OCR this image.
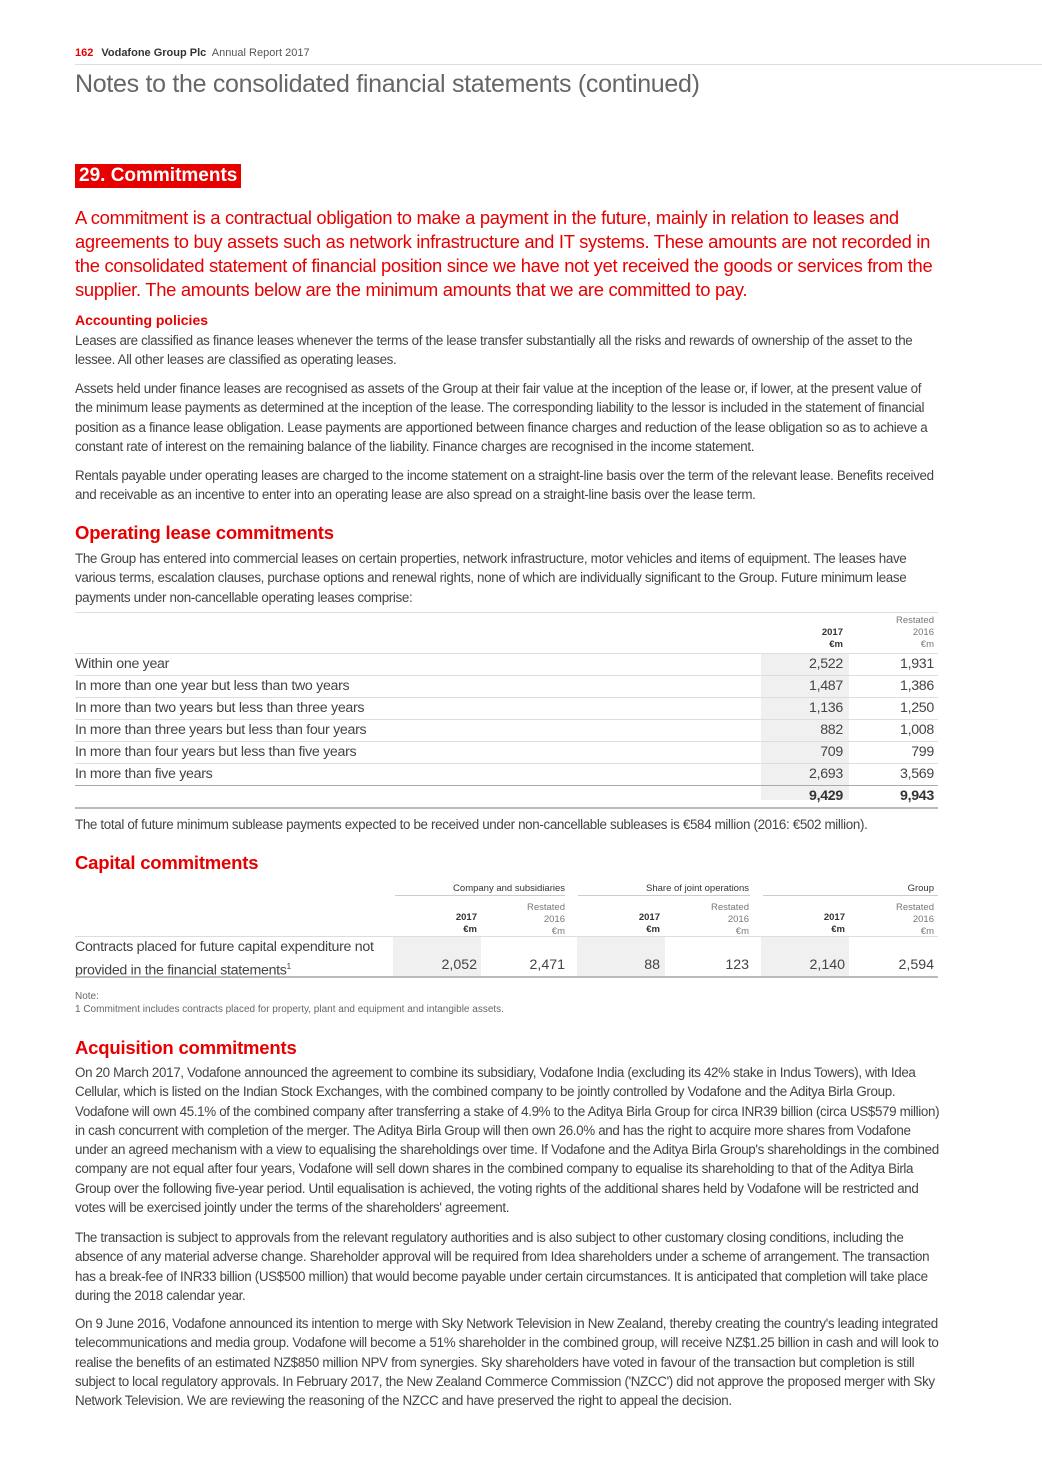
162 Vodafone Group Plc Annual Report 2017
Notes to the consolidated financial statements (continued)
29. Commitments

A commitment is a contractual obligation to make a payment in the future, mainly in relation to leases and agreements to buy assets such as network infrastructure and IT systems. These amounts are not recorded in the consolidated statement of financial position since we have not yet received the goods or services from the supplier. The amounts below are the minimum amounts that we are committed to pay.

Accounting policies

Leases are classified as finance leases whenever the terms of the lease transfer substantially all the risks and rewards of ownership of the asset to the lessee. All other leases are classified as operating leases.

Assets held under finance leases are recognised as assets of the Group at their fair value at the inception of the lease or, if lower, at the present value of the minimum lease payments as determined at the inception of the lease. The corresponding liability to the lessor is included in the statement of financial position as a finance lease obligation. Lease payments are apportioned between finance charges and reduction of the lease obligation so as to achieve a constant rate of interest on the remaining balance of the liability. Finance charges are recognised in the income statement.

Rentals payable under operating leases are charged to the income statement on a straight-line basis over the term of the relevant lease. Benefits received and receivable as an incentive to enter into an operating lease are also spread on a straight-line basis over the lease term.

Operating lease commitments

The Group has entered into commercial leases on certain properties, network infrastructure, motor vehicles and items of equipment. The leases have various terms, escalation clauses, purchase options and renewal rights, none of which are individually significant to the Group. Future minimum lease payments under non-cancellable operating leases comprise:

2017
€m
Restated
2016
€m
Within one year	2,522	1,931
In more than one year but less than two years	1,487	1,386
In more than two years but less than three years	1,136	1,250
In more than three years but less than four years	882	1,008
In more than four years but less than five years	709	799
In more than five years	2,693	3,569
9,429	9,943

The total of future minimum sublease payments expected to be received under non-cancellable subleases is €584 million (2016: €502 million).

Capital commitments
Company and subsidiaries	Share of joint operations	Group
2017
€m
Restated
2016
€m
2017
€m
Restated
2016
€m
2017
€m
Restated
2016
€m
Contracts placed for future capital expenditure not provided in the financial statements$^1$	2,052	2,471	88	123	2,140	2,594

Note:

1 Commitment includes contracts placed for property, plant and equipment and intangible assets.

Acquisition commitments

On 20 March 2017, Vodafone announced the agreement to combine its subsidiary, Vodafone India (excluding its 42% stake in Indus Towers), with Idea Cellular, which is listed on the Indian Stock Exchanges, with the combined company to be jointly controlled by Vodafone and the Aditya Birla Group. Vodafone will own 45.1% of the combined company after transferring a stake of 4.9% to the Aditya Birla Group for circa INR39 billion (circa US$579 million) in cash concurrent with completion of the merger. The Aditya Birla Group will then own 26.0% and has the right to acquire more shares from Vodafone under an agreed mechanism with a view to equalising the shareholdings over time. If Vodafone and the Aditya Birla Group's shareholdings in the combined company are not equal after four years, Vodafone will sell down shares in the combined company to equalise its shareholding to that of the Aditya Birla Group over the following five-year period. Until equalisation is achieved, the voting rights of the additional shares held by Vodafone will be restricted and votes will be exercised jointly under the terms of the shareholders' agreement.

The transaction is subject to approvals from the relevant regulatory authorities and is also subject to other customary closing conditions, including the absence of any material adverse change. Shareholder approval will be required from Idea shareholders under a scheme of arrangement. The transaction has a break-fee of INR33 billion (US$500 million) that would become payable under certain circumstances. It is anticipated that completion will take place during the 2018 calendar year.

On 9 June 2016, Vodafone announced its intention to merge with Sky Network Television in New Zealand, thereby creating the country's leading integrated telecommunications and media group. Vodafone will become a 51% shareholder in the combined group, will receive NZ$1.25 billion in cash and will look to realise the benefits of an estimated NZ$850 million NPV from synergies. Sky shareholders have voted in favour of the transaction but completion is still subject to local regulatory approvals. In February 2017, the New Zealand Commerce Commission ('NZCC') did not approve the proposed merger with Sky Network Television. We are reviewing the reasoning of the NZCC and have preserved the right to appeal the decision.
